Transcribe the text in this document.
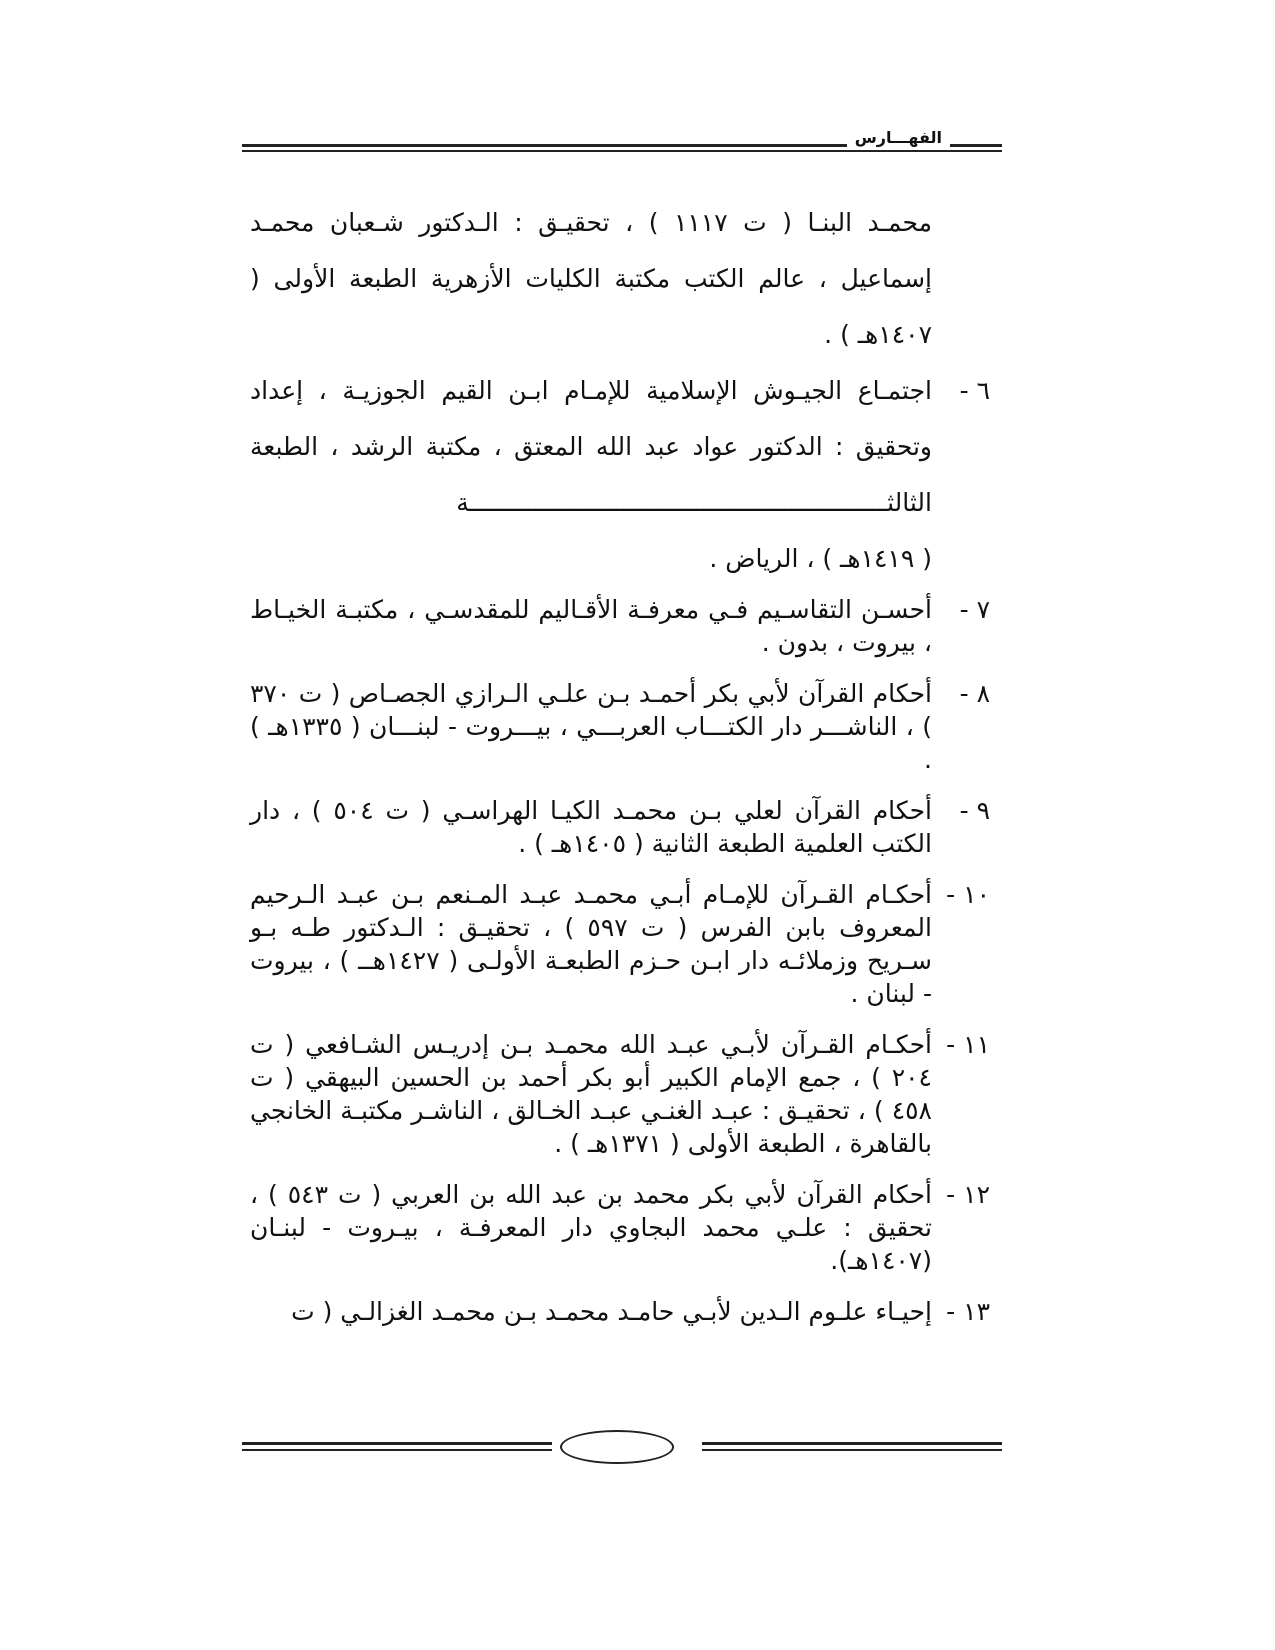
الفهـــارس

محمـد البنـا ( ت ١١١٧ ) ، تحقيـق : الـدكتور شـعبان محمـد إسماعيل ، عالم الكتب مكتبة الكليات الأزهرية الطبعة الأولى ( ١٤٠٧هـ ) .

٦ -
اجتمـاع الجيـوش الإسلامية للإمـام ابـن القيم الجوزيـة ، إعداد وتحقيق : الدكتور عواد عبد الله المعتق ، مكتبة الرشد ، الطبعة الثالثـــــــــــــــــــــــــــــــــــــــــــــــــــــــــة
( ١٤١٩هـ ) ، الرياض .
٧ -
أحسـن التقاسـيم فـي معرفـة الأقـاليم للمقدسـي ، مكتبـة الخيـاط ، بيروت ، بدون .
٨ -
أحكام القرآن لأبي بكر أحمـد بـن علـي الـرازي الجصـاص ( ت ٣٧٠ ) ، الناشـــر دار الكتـــاب العربـــي ، بيـــروت - لبنـــان ( ١٣٣٥هـ ) .
٩ -
أحكام القرآن لعلي بـن محمـد الكيـا الهراسـي ( ت ٥٠٤ ) ، دار الكتب العلمية الطبعة الثانية ( ١٤٠٥هـ ) .
١٠ -
أحكـام القـرآن للإمـام أبـي محمـد عبـد المـنعم بـن عبـد الـرحيم المعروف بابن الفرس ( ت ٥٩٧ ) ، تحقيـق : الـدكتور طـه بـو سـريح وزملائـه دار ابـن حـزم الطبعـة الأولـى ( ١٤٢٧هــ ) ، بيروت - لبنان .
١١ -
أحكـام القـرآن لأبـي عبـد الله محمـد بـن إدريـس الشـافعي ( ت ٢٠٤ ) ، جمع الإمام الكبير أبو بكر أحمد بن الحسين البيهقي ( ت ٤٥٨ ) ، تحقيـق : عبـد الغنـي عبـد الخـالق ، الناشـر مكتبـة الخانجي بالقاهرة ، الطبعة الأولى ( ١٣٧١هـ ) .
١٢ -
أحكام القرآن لأبي بكر محمد بن عبد الله بن العربي ( ت ٥٤٣ ) ، تحقيق : علـي محمد البجاوي دار المعرفـة ، بيـروت - لبنـان (١٤٠٧هـ).
١٣ -
إحيـاء علـوم الـدين لأبـي حامـد محمـد بـن محمـد الغزالـي ( ت
